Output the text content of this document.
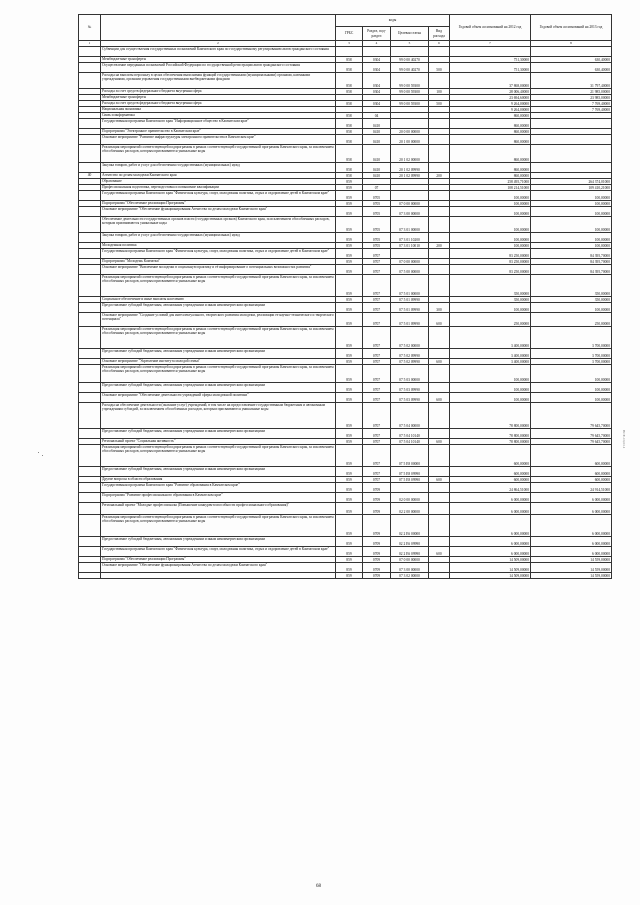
№		коды				Годовой объем ассигнований на 2012 год	Годовой объем ассигнований на 2013 год
		ГРБС	Раздел, под-раздел	Целевая статья	Вид расхода		
1	2	3	4	5	6	7	8
	Субвенции для осуществления государственных полномочий Камчатского края по государственному регулированию актов гражданского состояния						
	Межбюджетные трансферты	858	0304	99 0 00 40270		751,30000	630,40000
	Осуществление переданных полномочий Российской Федерации по государственной регистрации актов гражданского состояния	858	0304	99 0 00 40270	500	751,30000	630,40000
	Расходы на выплаты персоналу в целях обеспечения выполнения функций государственными (муниципальными) органами, казенными учреждениями, органами управления государственными внебюджетными фондами	858	0304	99 0 00 59300		37 868,00000	31 797,40000
	Расходы за счет средств федерального бюджета внутрення сфера	858	0304	99 0 00 59300	100	28 006,40000	21 985,00000
	Межбюджетные трансферты					23 694,60000	23 985,00000
	Расходы за счет средств федерального бюджета внутрення сфера	858	0304	99 0 00 59300	500	9 264,00000	7 769,40000
	Национальная экономика					9 264,00000	7 769,40000
	Связь и информатика	858	04			860,00000	
	Государственная программа Камчатского края "Информационное общество в Камчатском крае"	858	0410			860,00000	
	Подпрограмма "Электронное правительство в Камчатском крае"	858	0410	20 0 00 00000		860,00000	
	Основное мероприятие "Развитие инфраструктуры электронного правительства в Камчатском крае"	858	0410	20 1 00 00000		860,00000	
	Реализация мероприятий соответствующей подпрограммы в рамках соответствующей государственной программы Камчатского края, за исключением обособленных расходов, которым присваиваются уникальные коды	858	0410	20 1 02 00000		860,00000	
	Закупка товаров, работ и услуг для обеспечения государственных (муниципальных) нужд	858	0410	20 1 02 09990		860,00000	
40	Агентство по делам молодежи Камчатского края	858	0410	20 1 02 09990	200	860,00000	
	Образование	859				258 495,71000	264 374,01000
	Профессиональная подготовка, переподготовка и повышение квалификации	859	07			108 214,51000	109 410,21000
	Государственная программа Камчатского края "Физическая культура, спорт, молодежная политика, отдых и оздоровление детей в Камчатском крае"	859	0705			100,00000	100,00000
	Подпрограмма "Обеспечение реализации Программы"	859	0705	07 0 00 00000		100,00000	100,00000
	Основное мероприятие "Обеспечение функционирования Агентства по делам молодежи Камчатского края"	859	0705	07 3 00 00000		100,00000	100,00000
	Обеспечение деятельности государственных органов власти (государственных органов) Камчатского края, за исключением обособленных расходов, которым присваиваются уникальные коды	859	0705	07 3 01 00000		100,00000	100,00000
	Закупка товаров, работ и услуг для обеспечения государственных (муниципальных) нужд	859	0705	07 3 01 10200		100,00000	100,00000
	Молодежная политика	859	0705	07 3 01 10010	200	100,00000	100,00000
	Государственная программа Камчатского края "Физическая культура, спорт, молодежная политика, отдых и оздоровление детей в Камчатском крае"	859	0707			83 250,00000	84 395,70000
	Подпрограмма "Молодежь Камчатки"	859	0707	07 0 00 00000		83 250,00000	84 395,70000
	Основное мероприятие "Вовлечение молодежи в социальную практику и её информирование о потенциальных возможностях развития"	859	0707	07 5 00 00000		83 250,00000	84 395,70000
	Реализация мероприятий соответствующей подпрограммы в рамках соответствующей государственной программы Камчатского края, за исключением обособленных расходов, которым присваиваются уникальные коды	859	0707	07 5 01 00000		350,00000	350,00000
	Социальное обеспечение и иные выплаты населению	859	0707	07 5 01 09990		350,00000	350,00000
	Предоставление субсидий бюджетным, автономным учреждениям и иным некоммерческим организациям	859	0707	07 5 01 09990	300	100,00000	100,00000
	Основное мероприятие "Создание условий для интеллектуального, творческого развития молодежи, реализации ее научно-технического и творческого потенциала"	859	0707	07 5 01 09990	600	250,00000	250,00000
	Реализация мероприятий соответствующей подпрограммы в рамках соответствующей государственной программы Камчатского края, за исключением обособленных расходов, которым присваиваются уникальные коды	859	0707	07 5 02 00000		3 400,00000	3 700,00000
	Предоставление субсидий бюджетным, автономным учреждениям и иным некоммерческим организациям	859	0707	07 5 02 09990		3 400,00000	3 700,00000
	Основное мероприятие "Укрепление института молодой семьи"	859	0707	07 5 02 09990	600	3 400,00000	3 700,00000
	Реализация мероприятий соответствующей подпрограммы в рамках соответствующей государственной программы Камчатского края, за исключением обособленных расходов, которым присваиваются уникальные коды	859	0707	07 5 03 00000		100,00000	100,00000
	Предоставление субсидий бюджетным, автономным учреждениям и иным некоммерческим организациям	859	0707	07 5 03 09990		100,00000	100,00000
	Основное мероприятие "Обеспечение деятельности учреждений сферы молодежной политики"	859	0707	07 5 03 09990	600	100,00000	100,00000
	Расходы на обеспечение деятельности (оказание услуг) учреждений, в том числе на предоставление государственным бюджетным и автономным учреждениям субсидий, за исключением обособленных расходов, которым присваиваются уникальные коды	859	0707	07 5 04 00000		78 800,00000	79 645,70000
	Предоставление субсидий бюджетным, автономным учреждениям и иным некоммерческим организациям	859	0707	07 5 04 10140		78 800,00000	79 645,70000
	Региональный проект "Социальная активность"	859	0707	07 5 04 10140	600	78 800,00000	79 645,70000
	Реализация мероприятий соответствующей подпрограммы в рамках соответствующей государственной программы Камчатского края, за исключением обособленных расходов, которым присваиваются уникальные коды	859	0707	07 5 E8 00000		600,00000	600,00000
	Предоставление субсидий бюджетным, автономным учреждениям и иным некоммерческим организациям	859	0707	07 5 E8 09990		600,00000	600,00000
	Другие вопросы в области образования	859	0707	07 5 E8 09990	600	600,00000	600,00000
	Государственная программа Камчатского края "Развитие образования в Камчатском крае"	859	0709			24 864,51000	24 914,51000
	Подпрограмма "Развитие профессионального образования в Камчатском крае"	859	0709	02 0 00 00000		6 000,00000	6 000,00000
	Региональный проект "Молодые профессионалы (Повышение конкурентоспособности профессионального образования)"	859	0709	02 2 00 00000		6 000,00000	6 000,00000
	Реализация мероприятий соответствующей подпрограммы в рамках соответствующей государственной программы Камчатского края, за исключением обособленных расходов, которым присваиваются уникальные коды	859	0709	02 2 E6 00000		6 000,00000	6 000,00000
	Предоставление субсидий бюджетным, автономным учреждениям и иным некоммерческим организациям	859	0709	02 2 E6 09990		6 000,00000	6 000,00000
	Государственная программа Камчатского края "Физическая культура, спорт, молодежная политика, отдых и оздоровление детей в Камчатском крае"	859	0709	02 2 E6 09990	600	6 000,00000	6 000,00000
	Подпрограмма "Обеспечение реализации Программы"	859	0709	07 0 00 00000		14 509,00000	14 559,00000
	Основное мероприятие "Обеспечение функционирования Агентства по делам молодежи Камчатского края"	859	0709	07 3 00 00000		14 509,00000	14 559,00000
		859	0709	07 3 02 00000		14 509,00000	14 559,00000
68
ВСЕ-10,01.1
